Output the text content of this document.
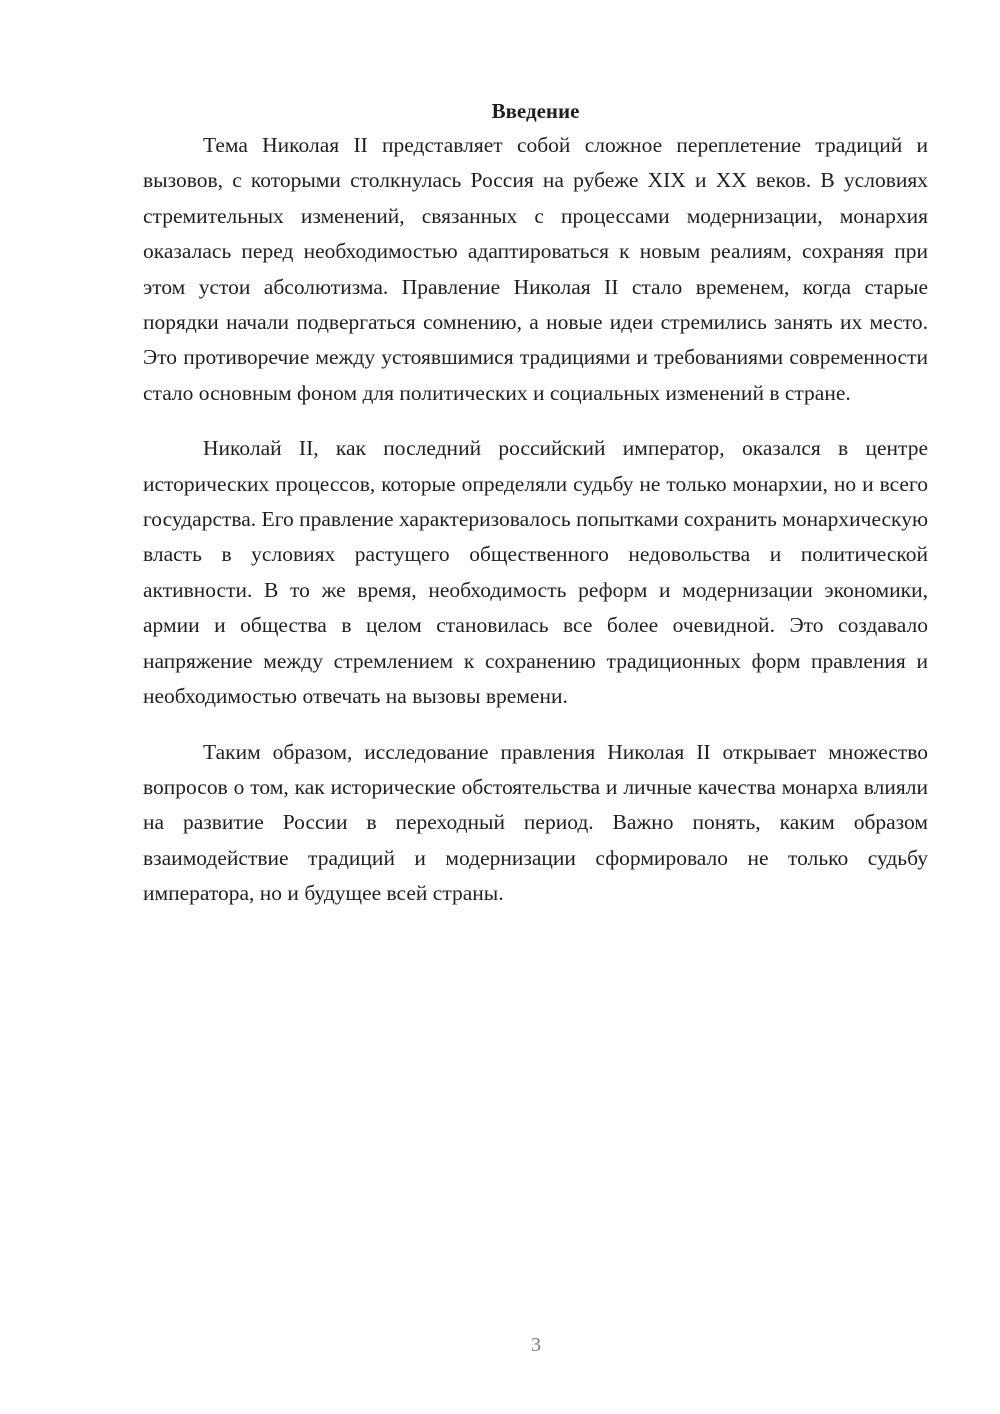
Введение

Тема Николая II представляет собой сложное переплетение традиций и вызовов, с которыми столкнулась Россия на рубеже XIX и XX веков. В условиях стремительных изменений, связанных с процессами модернизации, монархия оказалась перед необходимостью адаптироваться к новым реалиям, сохраняя при этом устои абсолютизма. Правление Николая II стало временем, когда старые порядки начали подвергаться сомнению, а новые идеи стремились занять их место. Это противоречие между устоявшимися традициями и требованиями современности стало основным фоном для политических и социальных изменений в стране.

Николай II, как последний российский император, оказался в центре исторических процессов, которые определяли судьбу не только монархии, но и всего государства. Его правление характеризовалось попытками сохранить монархическую власть в условиях растущего общественного недовольства и политической активности. В то же время, необходимость реформ и модернизации экономики, армии и общества в целом становилась все более очевидной. Это создавало напряжение между стремлением к сохранению традиционных форм правления и необходимостью отвечать на вызовы времени.

Таким образом, исследование правления Николая II открывает множество вопросов о том, как исторические обстоятельства и личные качества монарха влияли на развитие России в переходный период. Важно понять, каким образом взаимодействие традиций и модернизации сформировало не только судьбу императора, но и будущее всей страны.

3
